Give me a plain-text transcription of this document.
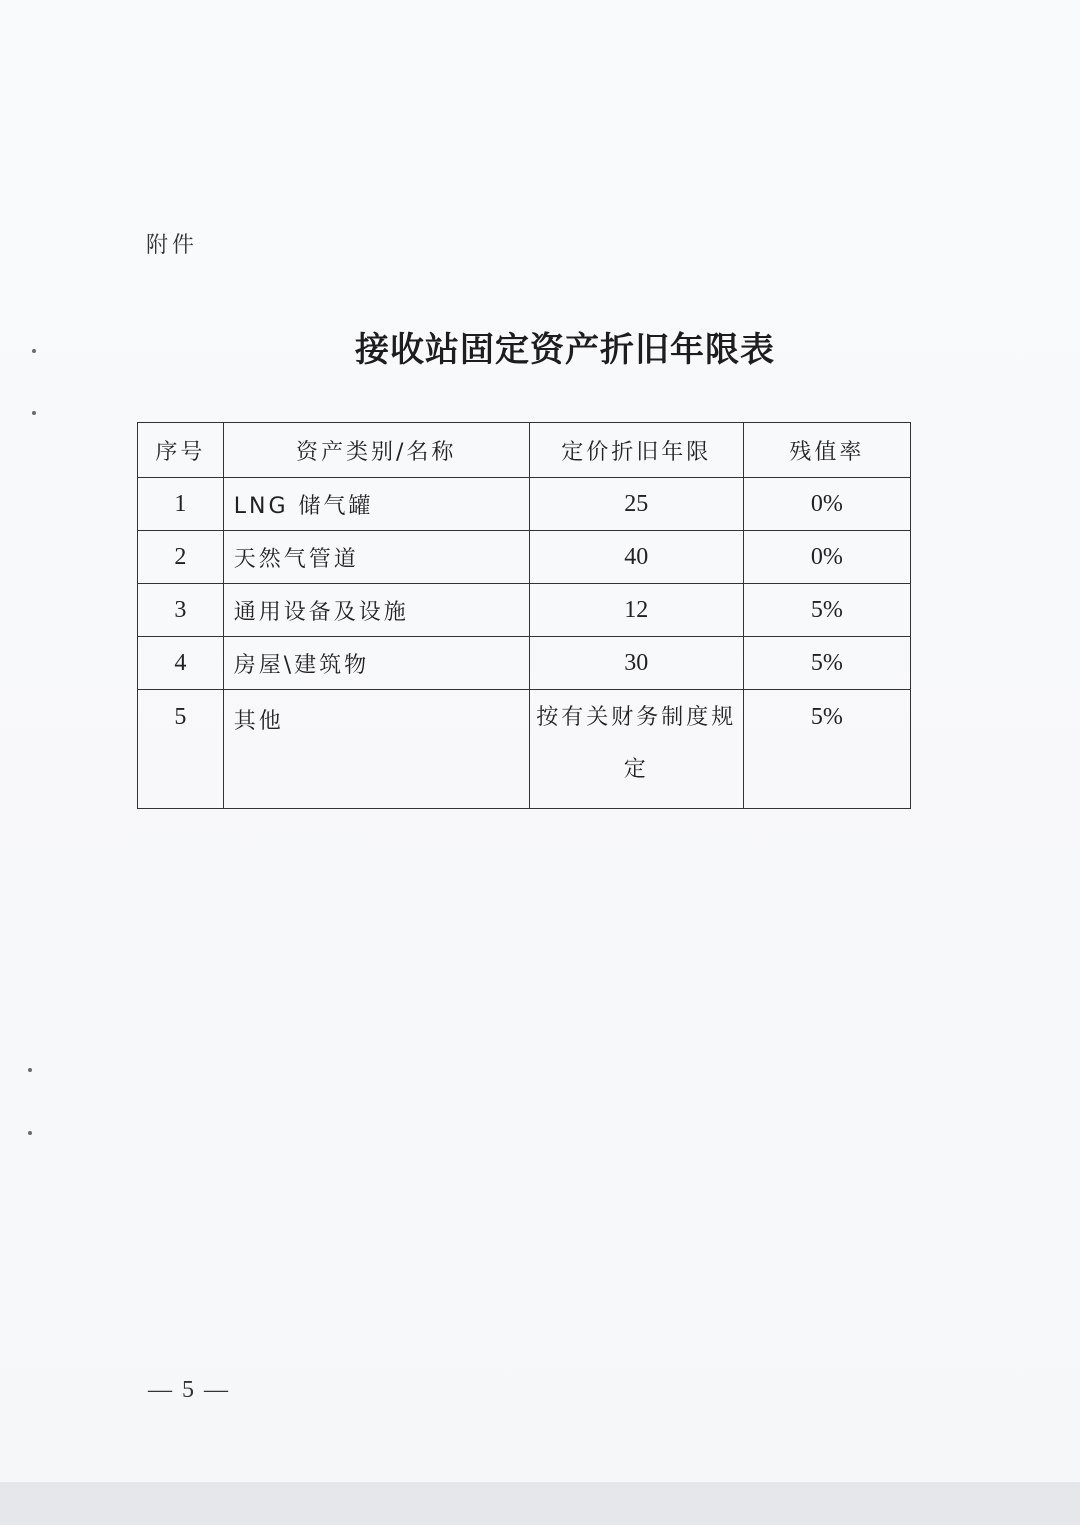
附件
接收站固定资产折旧年限表
序号	资产类别/名称	定价折旧年限	残值率
1	LNG 储气罐	25	0%
2	天然气管道	40	0%
3	通用设备及设施	12	5%
4	房屋\建筑物	30	5%
5	其他	按有关财务制度规定	5%
— 5 —
